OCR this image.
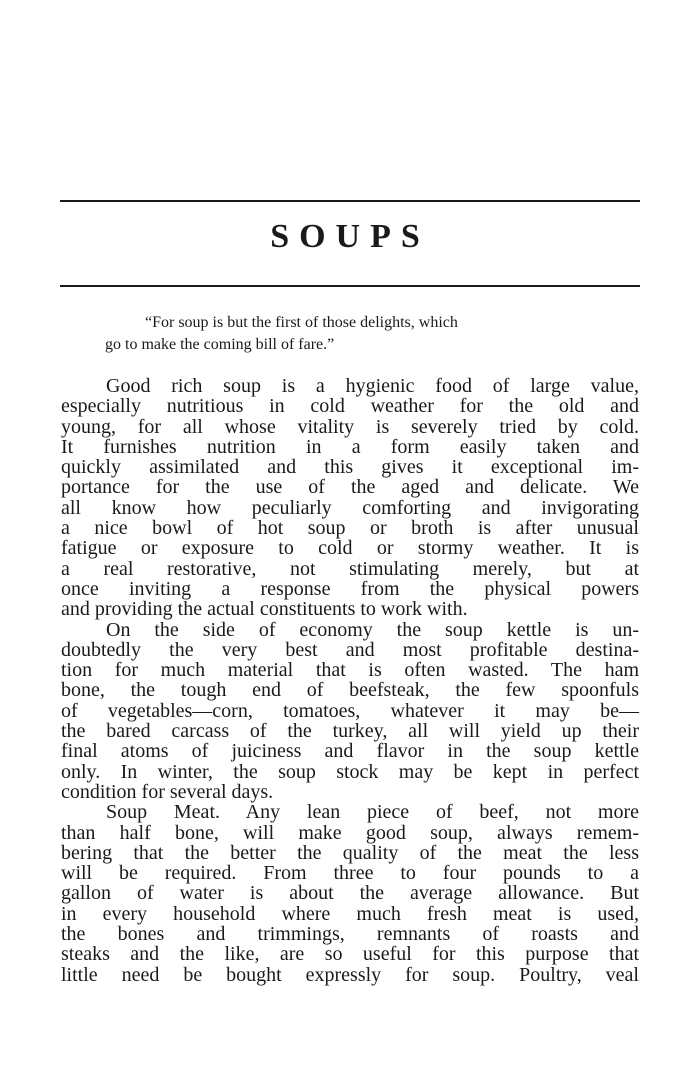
SOUPS
“For soup is but the first of those delights, which
go to make the coming bill of fare.”
Good rich soup is a hygienic food of large value,
especially nutritious in cold weather for the old and
young, for all whose vitality is severely tried by cold.
It furnishes nutrition in a form easily taken and
quickly assimilated and this gives it exceptional im-
portance for the use of the aged and delicate. We
all know how peculiarly comforting and invigorating
a nice bowl of hot soup or broth is after unusual
fatigue or exposure to cold or stormy weather. It is
a real restorative, not stimulating merely, but at
once inviting a response from the physical powers
and providing the actual constituents to work with.
On the side of economy the soup kettle is un-
doubtedly the very best and most profitable destina-
tion for much material that is often wasted. The ham
bone, the tough end of beefsteak, the few spoonfuls
of vegetables—corn, tomatoes, whatever it may be—
the bared carcass of the turkey, all will yield up their
final atoms of juiciness and flavor in the soup kettle
only. In winter, the soup stock may be kept in perfect
condition for several days.
Soup Meat. Any lean piece of beef, not more
than half bone, will make good soup, always remem-
bering that the better the quality of the meat the less
will be required. From three to four pounds to a
gallon of water is about the average allowance. But
in every household where much fresh meat is used,
the bones and trimmings, remnants of roasts and
steaks and the like, are so useful for this purpose that
little need be bought expressly for soup. Poultry, veal
